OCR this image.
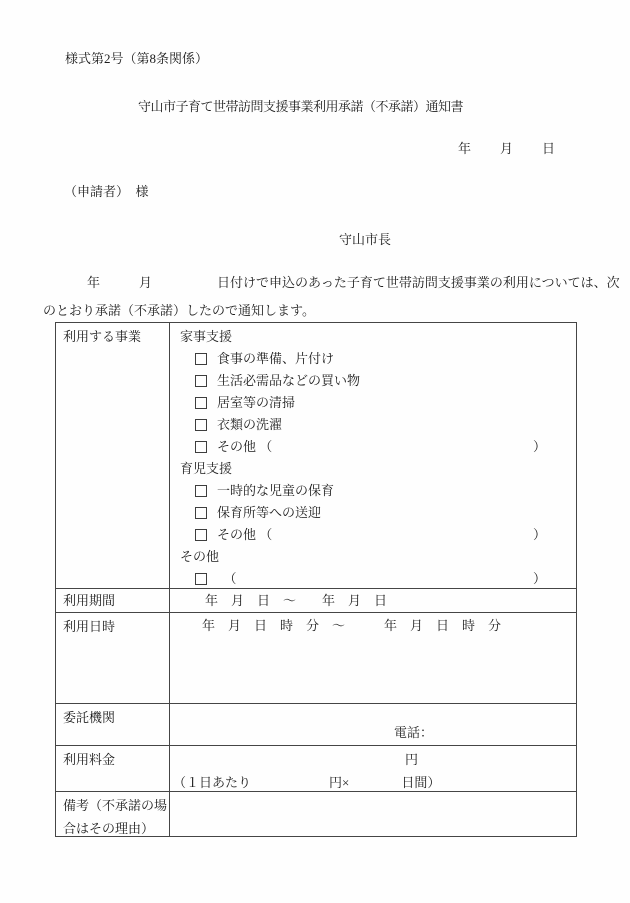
様式第2号（第8条関係）
守山市子育て世帯訪問支援事業利用承諾（不承諾）通知書
年　　月　　日
（申請者）　様
守山市長
年　　　月　　　　　日付けで申込のあった子育て世帯訪問支援事業の利用については、次
のとおり承諾（不承諾）したので通知します。
利用する事業	家事支援
食事の準備、片付け
生活必需品などの買い物
居室等の清掃
衣類の洗濯
その他 （	）
育児支援
一時的な児童の保育
保育所等への送迎
その他 （	）
その他
　（	）
利用期間	年　月　日　～　　年　月　日
利用日時	年　月　日　時　分　～　　　年　月　日　時　分
委託機関
電話：
利用料金	円
（１日あたり　　　　　　円×　　　　日間）
備考（不承諾の場合はその理由）
